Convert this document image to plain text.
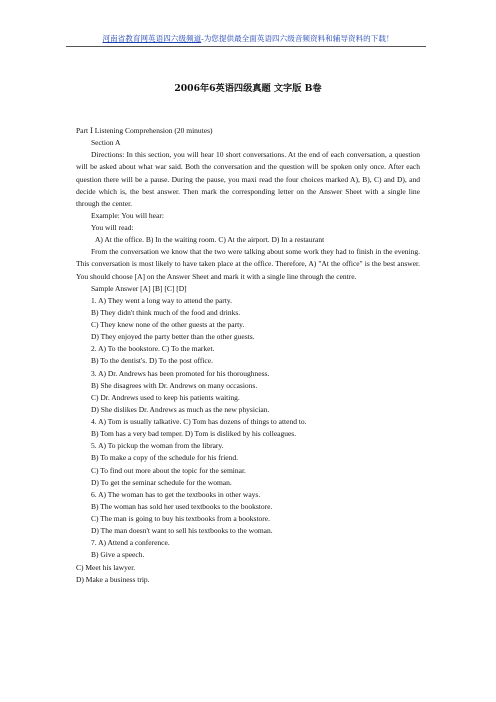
河南省教育网英语四六级频道-为您提供最全面英语四六级音频资料和辅导资料的下载！
2006年6英语四级真题 文字版 B卷

Part Ⅰ Listening Comprehension (20 minutes)

Section A

Directions: In this section, you will hear 10 short conversations. At the end of each conversation, a question will be asked about what war said. Both the conversation and the question will be spoken only once. After each question there will be a pause. During the pause, you maxi read the four choices marked A), B), C) and D), and decide which is, the best answer. Then mark the corresponding letter on the Answer Sheet with a single line through the center.

Example: You will hear:

You will read:

A) At the office. B) In the waiting room. C) At the airport. D) In a restaurant

From the conversation we know that the two were talking about some work they had to finish in the evening. This conversation is most likely to have taken place at the office. Therefore, A) "At the office" is the best answer. You should choose [A] on the Answer Sheet and mark it with a single line through the centre.

Sample Answer [A] [B] [C] [D]

1. A) They went a long way to attend the party.

B) They didn't think much of the food and drinks.

C) They knew none of the other guests at the party.

D) They enjoyed the party better than the other guests.

2. A) To the bookstore. C) To the market.

B) To the dentist's. D) To the post office.

3. A) Dr. Andrews has been promoted for his thoroughness.

B) She disagrees with Dr. Andrews on many occasions.

C) Dr. Andrews used to keep his patients waiting.

D) She dislikes Dr. Andrews as much as the new physician.

4. A) Tom is usually talkative. C) Tom has dozens of things to attend to.

B) Tom has a very bad temper. D) Tom is disliked by his colleagues.

5. A) To pickup the woman from the library.

B) To make a copy of the schedule for his friend.

C) To find out more about the topic for the seminar.

D) To get the seminar schedule for the woman.

6. A) The woman has to get the textbooks in other ways.

B) The woman has sold her used textbooks to the bookstore.

C) The man is going to buy his textbooks from a bookstore.

D) The man doesn't want to sell his textbooks to the woman.

7. A) Attend a conference.

B) Give a speech.

C) Meet his lawyer.

D) Make a business trip.
